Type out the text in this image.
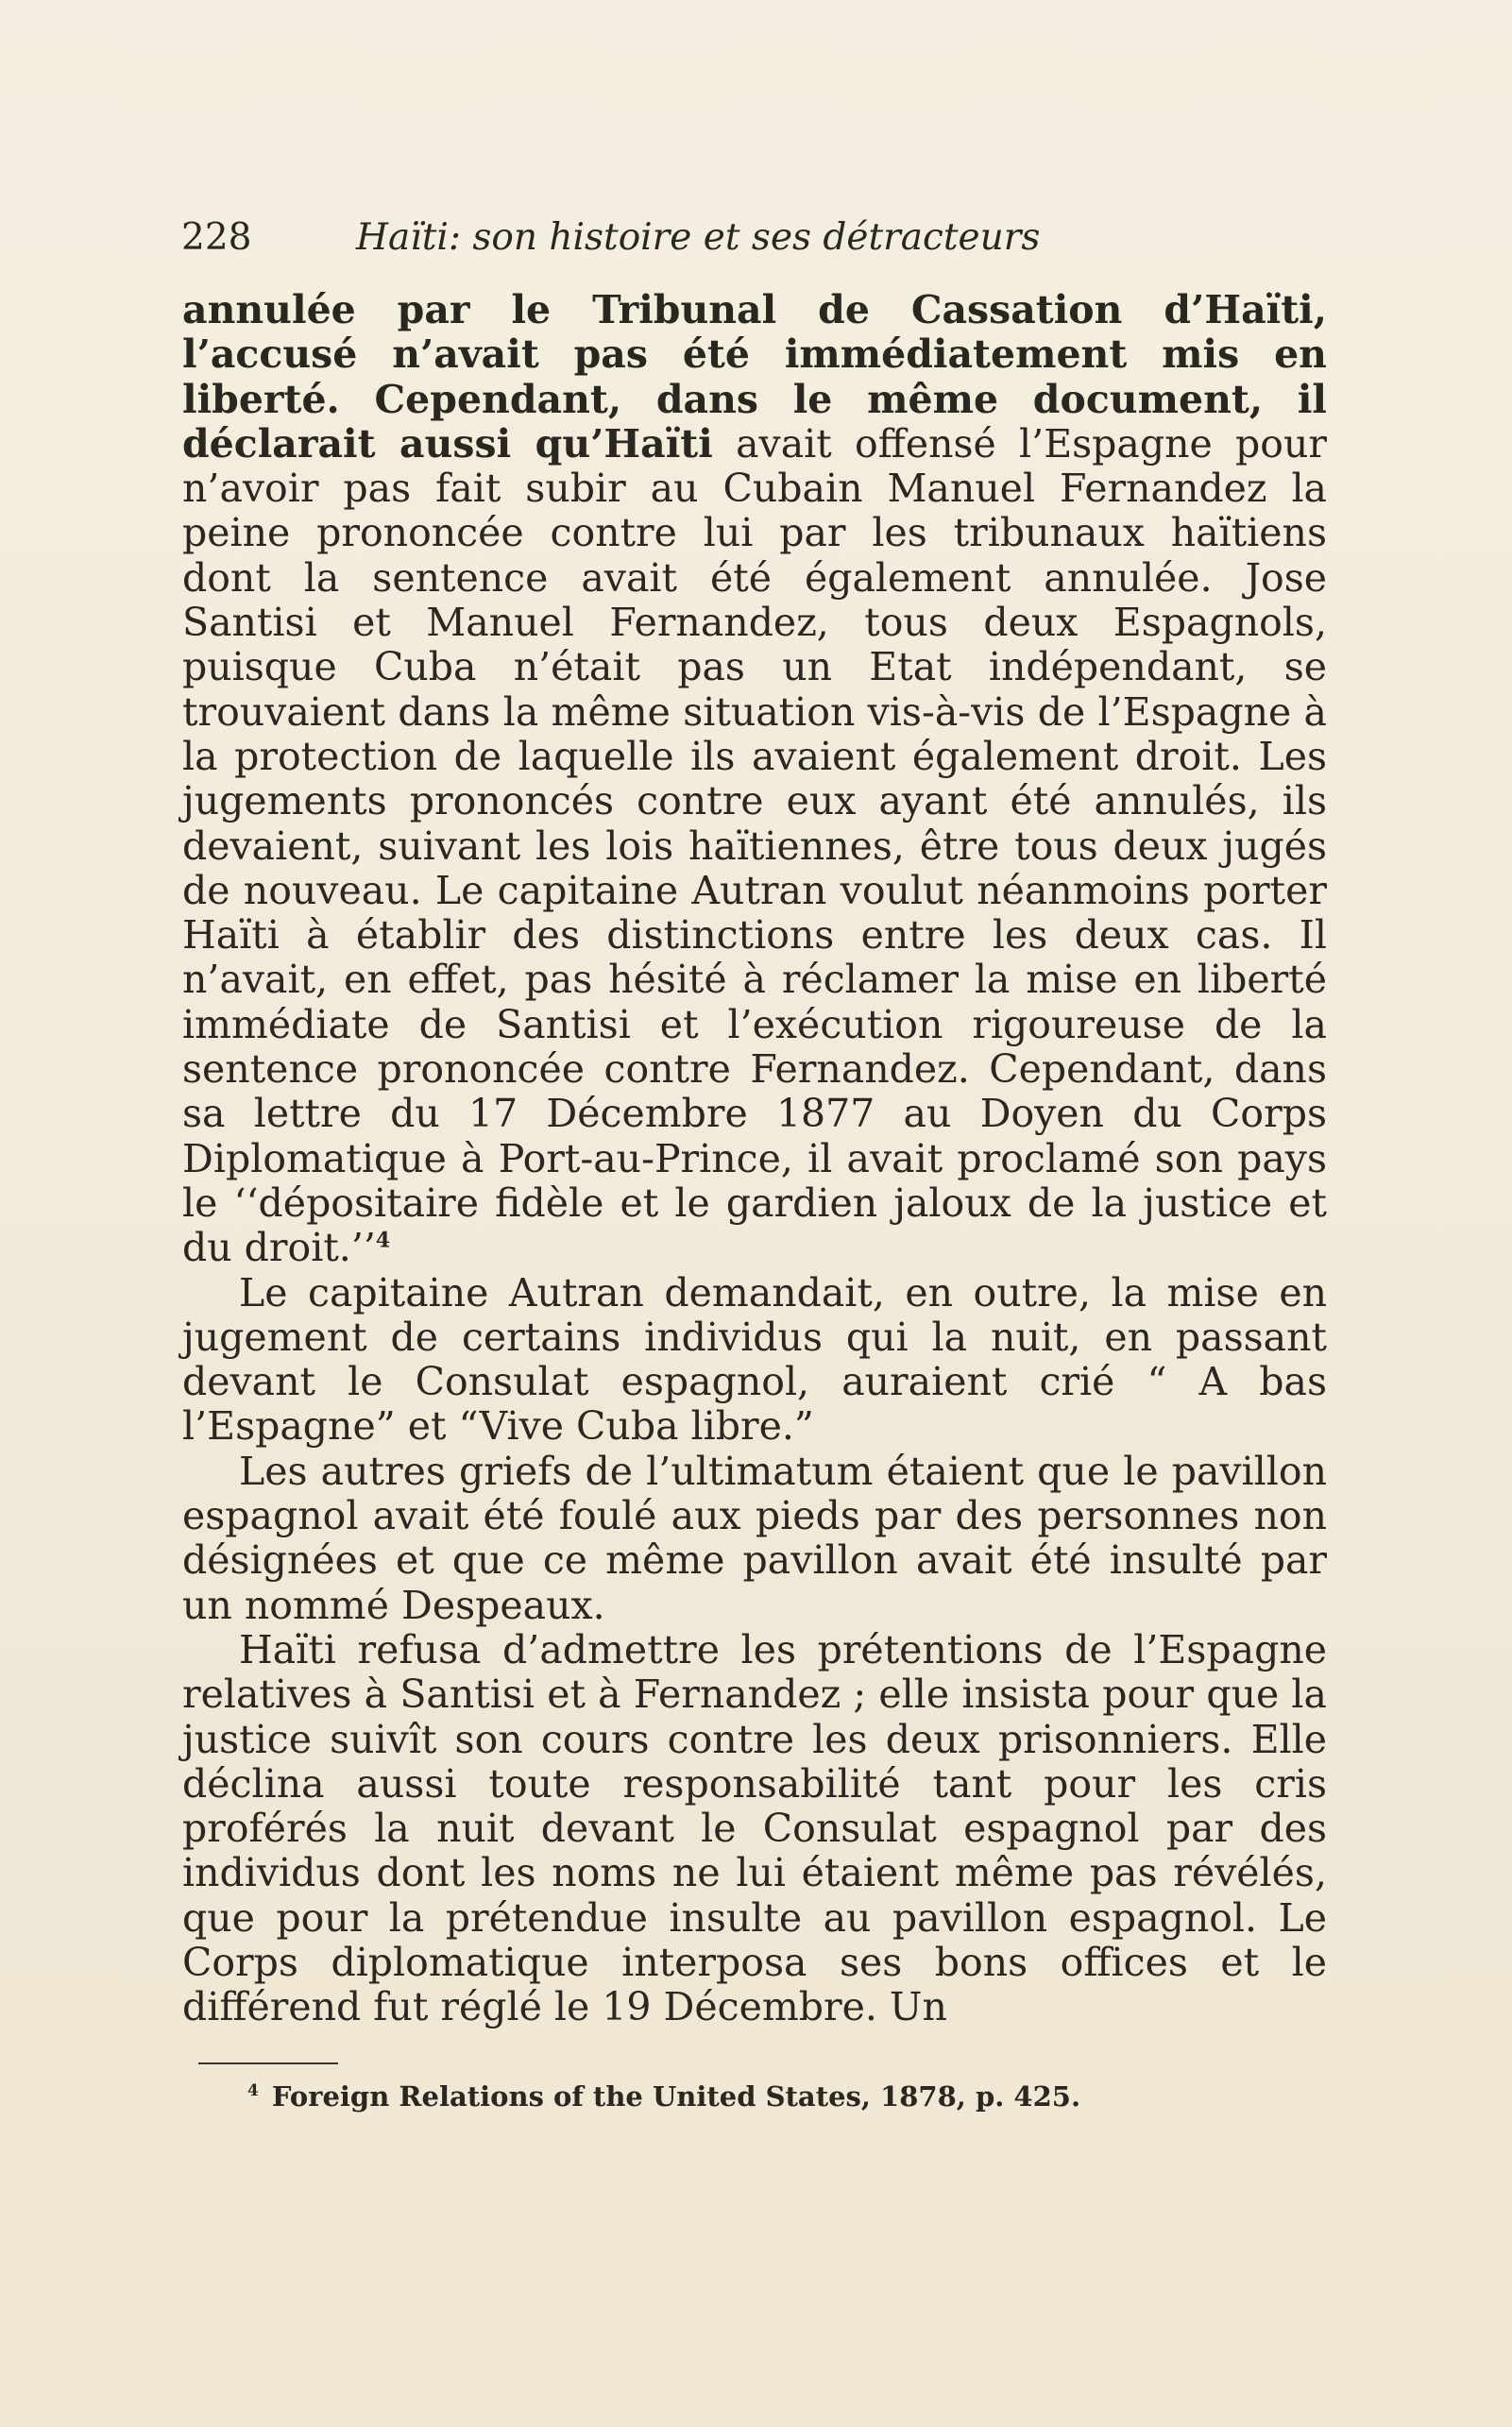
228	Haïti: son histoire et ses détracteurs

annulée par le Tribunal de Cassation d’Haïti, l’accusé n’avait pas été immédiatement mis en liberté. Cependant, dans le même document, il déclarait aussi qu’Haïti avait offensé l’Espagne pour n’avoir pas fait subir au Cubain Manuel Fernandez la peine prononcée contre lui par les tribunaux haïtiens dont la sentence avait été également annulée. Jose Santisi et Manuel Fernandez, tous deux Espagnols, puisque Cuba n’était pas un Etat indépendant, se trouvaient dans la même situation vis-à-vis de l’Espagne à la protection de laquelle ils avaient également droit. Les jugements prononcés contre eux ayant été annulés, ils devaient, suivant les lois haïtiennes, être tous deux jugés de nouveau. Le capitaine Autran voulut néanmoins porter Haïti à établir des distinctions entre les deux cas. Il n’avait, en effet, pas hésité à réclamer la mise en liberté immédiate de Santisi et l’exécution rigoureuse de la sentence prononcée contre Fernandez. Cependant, dans sa lettre du 17 Décembre 1877 au Doyen du Corps Diplomatique à Port-au-Prince, il avait proclamé son pays le ‘‘dépositaire fidèle et le gardien jaloux de la justice et du droit.’’$^4$

Le capitaine Autran demandait, en outre, la mise en jugement de certains individus qui la nuit, en passant devant le Consulat espagnol, auraient crié “ A bas l’Espagne” et “Vive Cuba libre.”

Les autres griefs de l’ultimatum étaient que le pavillon espagnol avait été foulé aux pieds par des personnes non désignées et que ce même pavillon avait été insulté par un nommé Despeaux.

Haïti refusa d’admettre les prétentions de l’Espagne relatives à Santisi et à Fernandez ; elle insista pour que la justice suivît son cours contre les deux prisonniers. Elle déclina aussi toute responsabilité tant pour les cris proférés la nuit devant le Consulat espagnol par des individus dont les noms ne lui étaient même pas révélés, que pour la prétendue insulte au pavillon espagnol. Le Corps diplomatique interposa ses bons offices et le différend fut réglé le 19 Décembre. Un

$^4$ Foreign Relations of the United States, 1878, p. 425.
